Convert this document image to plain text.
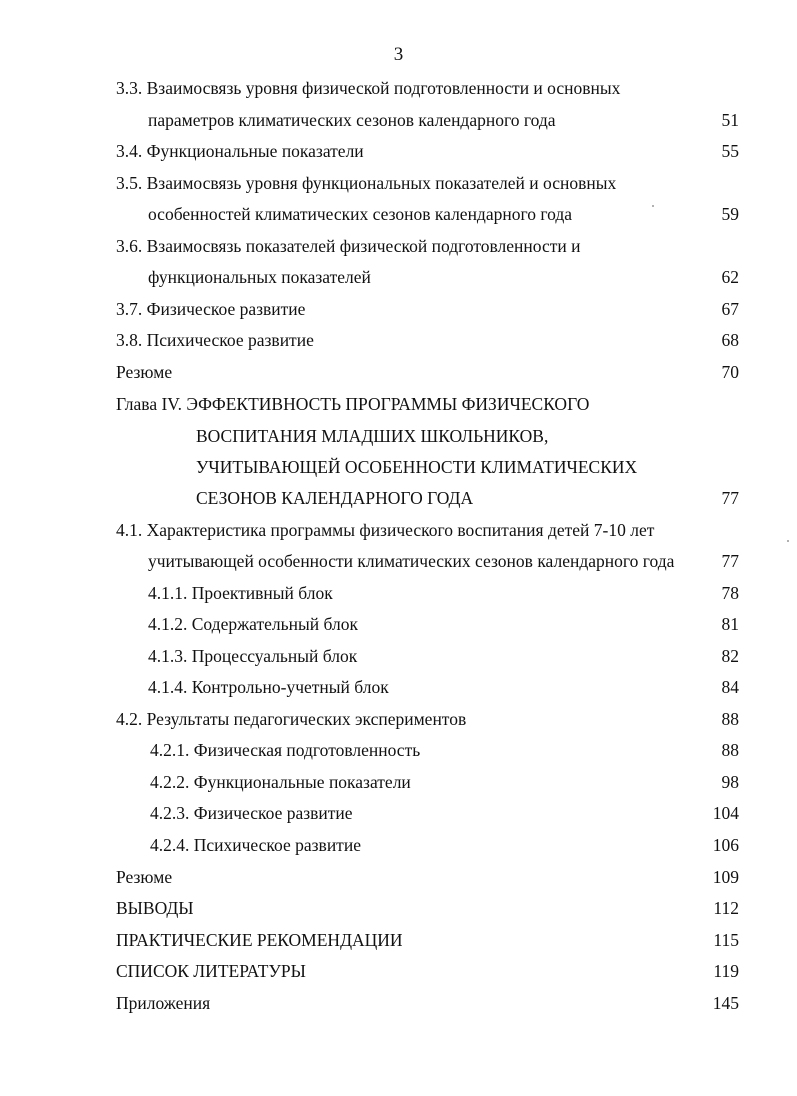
3
3.3. Взаимосвязь уровня физической подготовленности и основных
параметров климатических сезонов календарного года	51
3.4. Функциональные показатели	55
3.5. Взаимосвязь уровня функциональных показателей и основных
особенностей климатических сезонов календарного года	59
3.6. Взаимосвязь показателей физической подготовленности и
функциональных показателей	62
3.7. Физическое развитие	67
3.8. Психическое развитие	68
Резюме	70
Глава IV. ЭФФЕКТИВНОСТЬ ПРОГРАММЫ ФИЗИЧЕСКОГО
ВОСПИТАНИЯ МЛАДШИХ ШКОЛЬНИКОВ,
УЧИТЫВАЮЩЕЙ ОСОБЕННОСТИ КЛИМАТИЧЕСКИХ
СЕЗОНОВ КАЛЕНДАРНОГО ГОДА	77
4.1. Характеристика программы физического воспитания детей 7-10 лет
учитывающей особенности климатических сезонов календарного года	77
4.1.1. Проективный блок	78
4.1.2. Содержательный блок	81
4.1.3. Процессуальный блок	82
4.1.4. Контрольно-учетный блок	84
4.2. Результаты педагогических экспериментов	88
4.2.1. Физическая подготовленность	88
4.2.2. Функциональные показатели	98
4.2.3. Физическое развитие	104
4.2.4. Психическое развитие	106
Резюме	109
ВЫВОДЫ	112
ПРАКТИЧЕСКИЕ РЕКОМЕНДАЦИИ	115
СПИСОК ЛИТЕРАТУРЫ	119
Приложения	145
